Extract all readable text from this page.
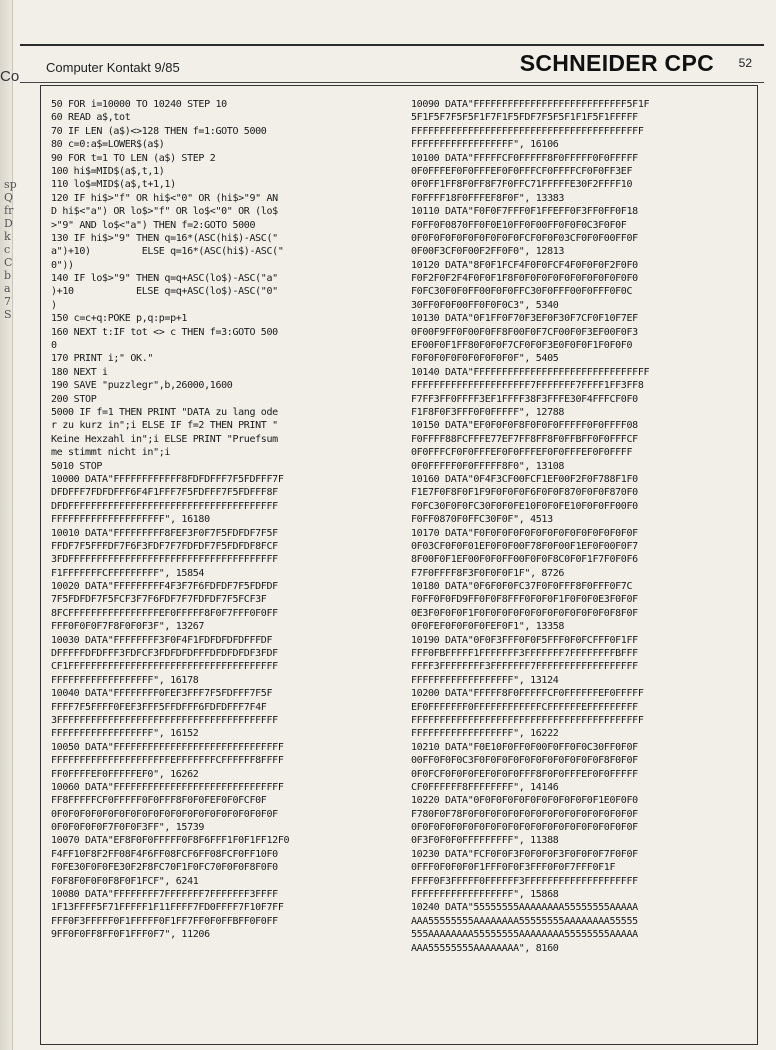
Co
sp
Q
fr
D
k
c
C
b
a
7
S
Computer Kontakt 9/85	SCHNEIDER CPC 52
50 FOR i=10000 TO 10240 STEP 10
60 READ a$,tot
70 IF LEN (a$)<>128 THEN f=1:GOTO 5000
80 c=0:a$=LOWER$(a$)
90 FOR t=1 TO LEN (a$) STEP 2
100 hi$=MID$(a$,t,1)
110 lo$=MID$(a$,t+1,1)
120 IF hi$>"f" OR hi$<"0" OR (hi$>"9" AN
D hi$<"a") OR lo$>"f" OR lo$<"0" OR (lo$
>"9" AND lo$<"a") THEN f=2:GOTO 5000
130 IF hi$>"9" THEN q=16*(ASC(hi$)-ASC("
a")+10)         ELSE q=16*(ASC(hi$)-ASC("
0"))
140 IF lo$>"9" THEN q=q+ASC(lo$)-ASC("a"
)+10           ELSE q=q+ASC(lo$)-ASC("0"
)
150 c=c+q:POKE p,q:p=p+1
160 NEXT t:IF tot <> c THEN f=3:GOTO 500
0
170 PRINT i;" OK."
180 NEXT i
190 SAVE "puzzlegr",b,26000,1600
200 STOP
5000 IF f=1 THEN PRINT "DATA zu lang ode
r zu kurz in";i ELSE IF f=2 THEN PRINT "
Keine Hexzahl in";i ELSE PRINT "Pruefsum
me stimmt nicht in";i
5010 STOP
10000 DATA"FFFFFFFFFFFF8FDFDFFF7F5FDFFF7F
DFDFFF7FDFDFFF6F4F1FFF7F5FDFFF7F5FDFFF8F
DFDFFFFFFFFFFFFFFFFFFFFFFFFFFFFFFFFFFFFF
FFFFFFFFFFFFFFFFFFFF", 16180
10010 DATA"FFFFFFFFF8FEF3F0F7F5FDFDF7F5F
FFDF7F5FFFDF7F6F3FDF7F7FDFDF7F5FDFDF8FCF
3FDFFFFFFFFFFFFFFFFFFFFFFFFFFFFFFFFFFFFF
F1FFFFFFFCFFFFFFFFF", 15854
10020 DATA"FFFFFFFFF4F3F7F6FDFDF7F5FDFDF
7F5FDFDF7F5FCF3F7F6FDF7F7FDFDF7F5FCF3F
8FCFFFFFFFFFFFFFFFFEF0FFFFF8F0F7FFF0F0FF
FFF0F0F0F7F8F0F0F3F", 13267
10030 DATA"FFFFFFFF3F0F4F1FDFDFDFDFFFDF
DFFFFFDFDFFF3FDFCF3FDFDFDFFFDFDFDFDF3FDF
CF1FFFFFFFFFFFFFFFFFFFFFFFFFFFFFFFFFFFFF
FFFFFFFFFFFFFFFFFF", 16178
10040 DATA"FFFFFFFF0FEF3FFF7F5FDFFF7F5F
FFFF7F5FFFF0FEF3FFF5FFDFFF6FDFDFFF7F4F
3FFFFFFFFFFFFFFFFFFFFFFFFFFFFFFFFFFFFFFF
FFFFFFFFFFFFFFFFFF", 16152
10050 DATA"FFFFFFFFFFFFFFFFFFFFFFFFFFFFFF
FFFFFFFFFFFFFFFFFFFFFEFFFFFFFCFFFFFF8FFFF
FF0FFFFEF0FFFFFEF0", 16262
10060 DATA"FFFFFFFFFFFFFFFFFFFFFFFFFFFFFF
FF8FFFFFCF0FFFFF0F0FFF8F0F0FEF0F0FCF0F
0F0F0F0F0F0F0F0F0F0F0F0F0F0F0F0F0F0F0F0F
0F0F0F0F0F7F0F0F3FF", 15739
10070 DATA"EF8F0F0FFFFF0F8F6FFF1F0F1FF12F0
F4FF10F8F2FF08F4F6FF08FCF6FF08FCF0FF10F0
F0FE30F0F0FE30F2F8FC70F1F0FC70F0F0F8F0F0
F0F8F0F0F0F8F0F1FCF", 6241
10080 DATA"FFFFFFFF7FFFFFFF7FFFFFFF3FFFF
1F13FFFF5F71FFFFF1F11FFFF7FD0FFFF7F10F7FF
FFF0F3FFFFF0F1FFFFF0F1FF7FF0F0FFBFF0F0FF
9FF0F0FF8FF0F1FFF0F7", 11206
10090 DATA"FFFFFFFFFFFFFFFFFFFFFFFFFFF5F1F
5F1F5F7F5F5F1F7F1F5FDF7F5F5F1F1F5F1FFFFF
FFFFFFFFFFFFFFFFFFFFFFFFFFFFFFFFFFFFFFFFF
FFFFFFFFFFFFFFFFFF", 16106
10100 DATA"FFFFFCF0FFFFF8F0FFFFF0F0FFFFF
0F0FFFEF0F0FFFEF0F0FFFCF0FFFFCF0F0FF3EF
0F0FF1FF8F0FF8F7F0FFC71FFFFFE30F2FFFF10
F0FFFF18F0FFFEF8F0F", 13383
10110 DATA"F0F0F7FFF0F1FFEFF0F3FF0FF0F18
F0FF0F0870FF0F0E10FF0F00FF0F0F0C3F0F0F
0F0F0F0F0F0F0F0F0F0FCF0F0F03CF0F0F00FF0F
0F00F3CF0F00F2FF0F0", 12813
10120 DATA"8F0F1FCF4F0F0FCF4F0F0F0F2F0F0
F0F2F0F2F4F0F0F1F8F0F0F0F0F0F0F0F0F0F0F0
F0FC30F0F0FF00F0F0FFC30F0FFF00F0FFF0F0C
30FF0F0F00FF0F0F0C3", 5340
10130 DATA"0F1FF0F70F3EF0F30F7CF0F10F7EF
0F00F9FF0F00F0FF8F00F0F7CF00F0F3EF00F0F3
EF00F0F1FF80F0F0F7CF0F0F3E0F0F0F1F0F0F0
F0F0F0F0F0F0F0F0F0F", 5405
10140 DATA"FFFFFFFFFFFFFFFFFFFFFFFFFFFFFFF
FFFFFFFFFFFFFFFFFFFFF7FFFFFFF7FFFF1FF3FF8
F7FF3FF0FFFF3EF1FFFF38F3FFFE30F4FFFCF0F0
F1F8F0F3FFF0F0FFFFF", 12788
10150 DATA"EF0F0F0F8F0F0F0FFFFF0F0FFFF08
F0FFFF88FCFFFE77EF7FF8FF8F0FFBFF0F0FFFCF
0F0FFFCF0F0FFFEF0F0FFFEF0F0FFFEF0F0FFFF
0F0FFFFF0F0FFFFF8F0", 13108
10160 DATA"0F4F3CF00FCF1EF00F2F0F788F1F0
F1E7F0F8F0F1F9F0F0F0F6F0F0F870F0F0F870F0
F0FC30F0F0FC30F0F0FE10F0F0FE10F0F0FF00F0
F0FF0870F0FFC30F0F", 4513
10170 DATA"F0F0F0F0F0F0F0F0F0F0F0F0F0F0F
0F03CF0F0F01EF0F0F00F78F0F00F1EF0F00F0F7
8F00F0F1EF00F0F0FF00F0F0F8C0F0F1F7F0F0F6
F7F0FFFF8F3F0F0F0F1F", 8726
10180 DATA"0F6F0F0FC37F0F0FFF8F0FFF0F7C
F0FF0F0FD9FF0F0F8FFF0F0F0F1F0F0F0E3F0F0F
0E3F0F0F0F1F0F0F0F0F0F0F0F0F0F0F0F0F8F0F
0F0FEF0F0F0F0FEF0F1", 13358
10190 DATA"0F0F3FFF0F0F5FFF0F0FCFFF0F1FF
FFF0FBFFFFF1FFFFFFF3FFFFFFF7FFFFFFFFBFFF
FFFF3FFFFFFFF3FFFFFFF7FFFFFFFFFFFFFFFFFF
FFFFFFFFFFFFFFFFFF", 13124
10200 DATA"FFFFF8F0FFFFFCF0FFFFFFEF0FFFFF
EF0FFFFFFF0FFFFFFFFFFFFCFFFFFFEFFFFFFFFF
FFFFFFFFFFFFFFFFFFFFFFFFFFFFFFFFFFFFFFFFF
FFFFFFFFFFFFFFFFFF", 16222
10210 DATA"F0E10F0FF0F00F0FF0F0C30FF0F0F
00FF0F0F0C3F0F0F0F0F0F0F0F0F0F0F0F8F0F0F
0F0FCF0F0F0FEF0F0F0FFF8F0F0FFFEF0F0FFFFF
CF0FFFFFF8FFFFFFFF", 14146
10220 DATA"0F0F0F0F0F0F0F0F0F0F0F1E0F0F0
F780F0F78F0F0F0F0F0F0F0F0F0F0F0F0F0F0F0F
0F0F0F0F0F0F0F0F0F0F0F0F0F0F0F0F0F0F0F0F
0F3F0F0F0FFFFFFFFF", 11388
10230 DATA"FCF0F0F3F0F0F0F3F0F0F0F7F0F0F
0FFF0F0F0F0F1FFF0F0F3FFF0F0F7FFF0F1F
FFFF0F3FFFFF0FFFFFF3FFFFFFFFFFFFFFFFFFFF
FFFFFFFFFFFFFFFFFF", 15868
10240 DATA"55555555AAAAAAAA55555555AAAAA
AAA55555555AAAAAAAA55555555AAAAAAAA55555
555AAAAAAAA55555555AAAAAAAA55555555AAAAA
AAA55555555AAAAAAAA", 8160
